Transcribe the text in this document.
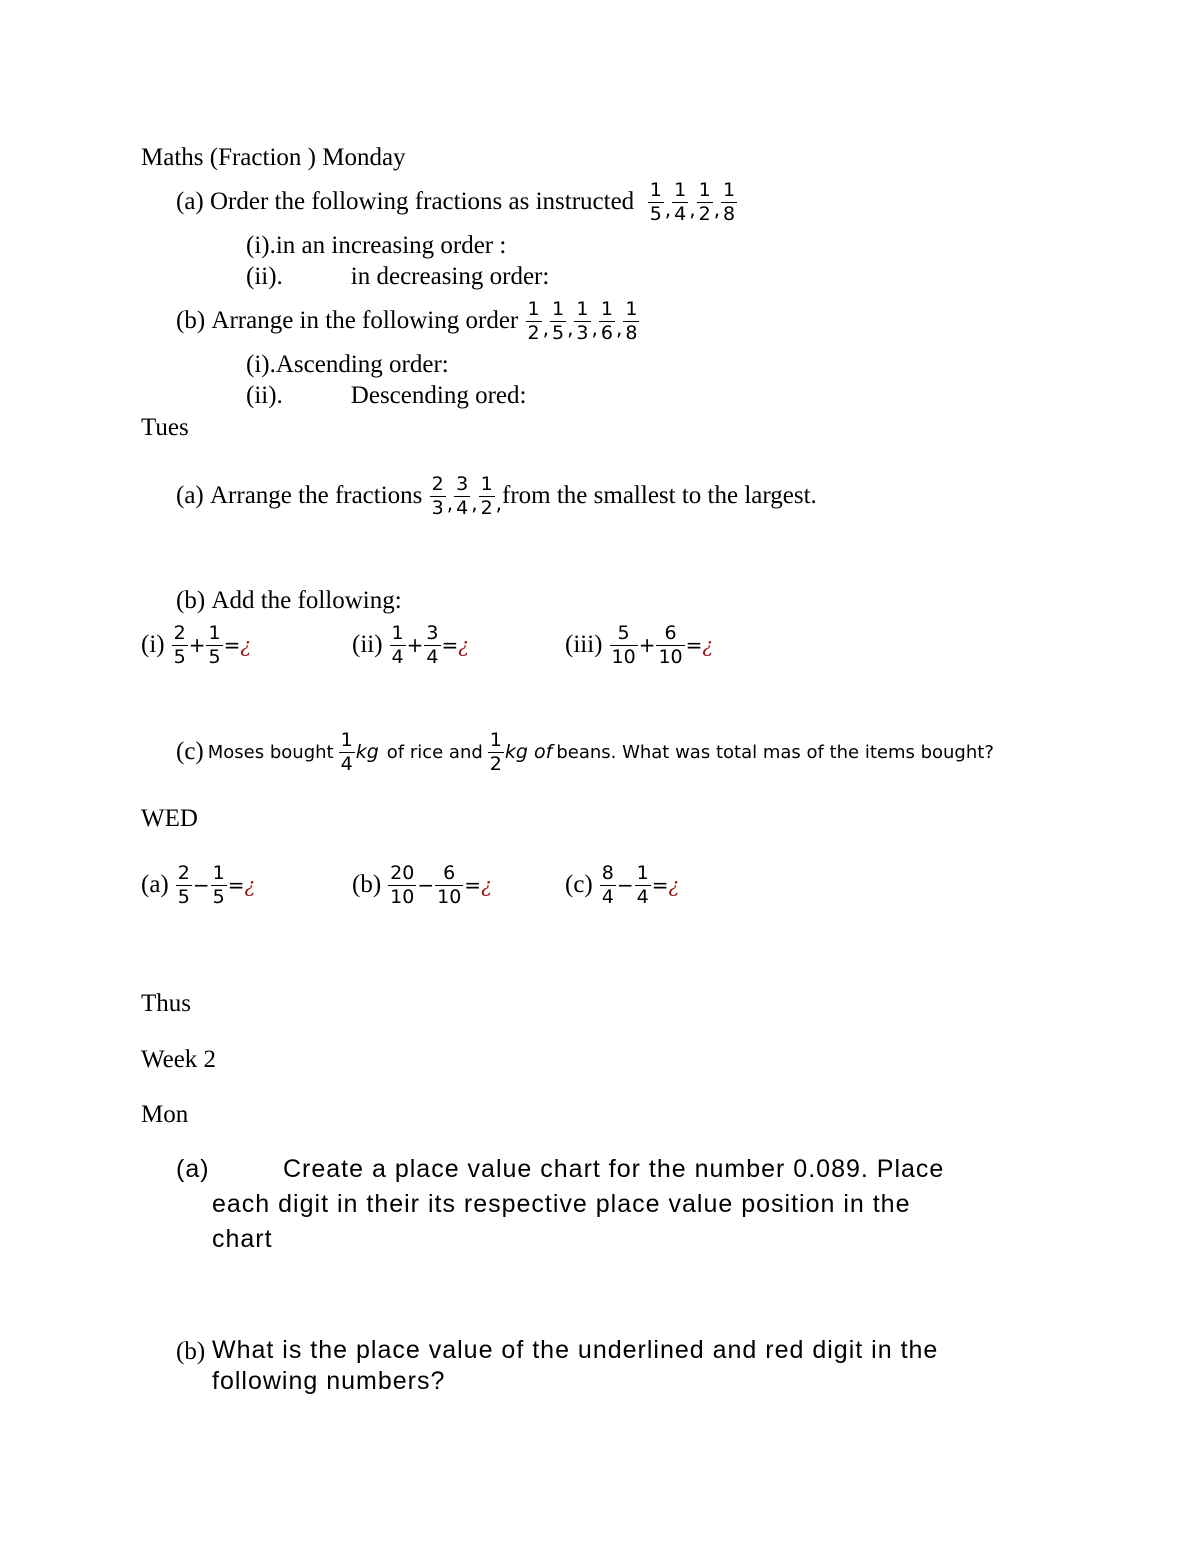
Maths (Fraction ) Monday
(a)
Order the following fractions as instructed
$\frac{1}{5} _, \frac{1}{4} _, \frac{1}{2} _, \frac{1}{8}$
(i).in an increasing order :
(ii).	in decreasing order:
(b)
Arrange in the following order
$\frac{1}{2} _, \frac{1}{5} _, \frac{1}{3} _, \frac{1}{6} _, \frac{1}{8}$
(i).Ascending order:
(ii).	Descending ored:
Tues
(a)
Arrange the fractions
$\frac{2}{3} _, \frac{3}{4} _, \frac{1}{2} _,$ from the smallest to the largest.
(b) Add the following:
$(i) \frac{2}{5} + \frac{1}{5}$ = ¿	$(ii) \frac{1}{4} + \frac{3}{4}$ = ¿	$(iii) \frac{5}{10} + \frac{6}{10}$ = ¿
(c)
Moses bought
$\frac{1}{4}$ kg
of rice and
$\frac{1}{2}$ kg of
beans. What was total mas of the items bought?
WED
$(a) \frac{2}{5} - \frac{1}{5}$ = ¿	$(b) \frac{20}{10} - \frac{6}{10}$ = ¿	$(c) \frac{8}{4} - \frac{1}{4}$ = ¿
Thus
Week 2
Mon
(a)	Create a place value chart for the number 0.089. Place
each digit in their its respective place value position in the
chart
(b) What is the place value of the underlined and red digit in the
following numbers?
